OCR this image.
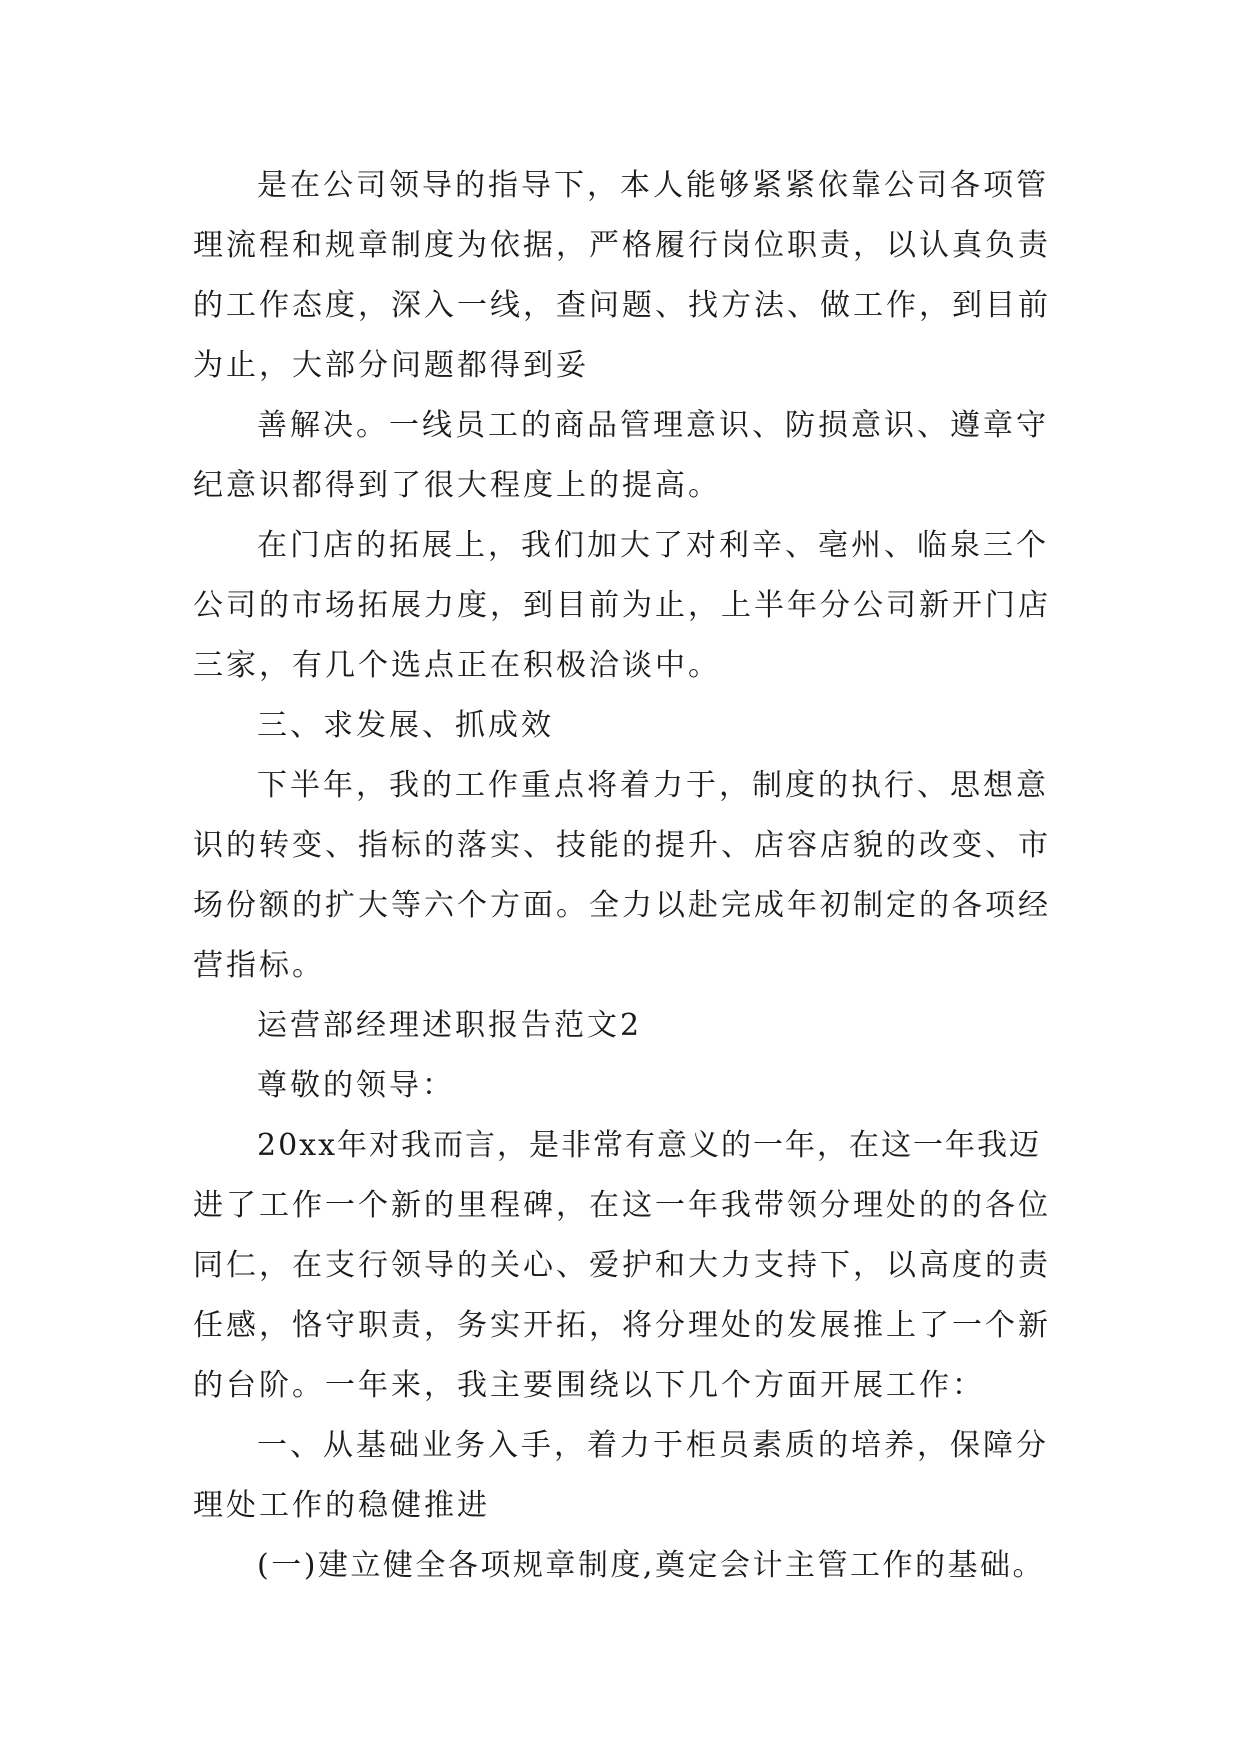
是在公司领导的指导下，本人能够紧紧依靠公司各项管
理流程和规章制度为依据，严格履行岗位职责，以认真负责
的工作态度，深入一线，查问题、找方法、做工作，到目前
为止，大部分问题都得到妥
善解决。一线员工的商品管理意识、防损意识、遵章守
纪意识都得到了很大程度上的提高。
在门店的拓展上，我们加大了对利辛、亳州、临泉三个
公司的市场拓展力度，到目前为止，上半年分公司新开门店
三家，有几个选点正在积极洽谈中。
三、求发展、抓成效
下半年，我的工作重点将着力于，制度的执行、思想意
识的转变、指标的落实、技能的提升、店容店貌的改变、市
场份额的扩大等六个方面。全力以赴完成年初制定的各项经
营指标。
运营部经理述职报告范文2
尊敬的领导：
20xx年对我而言，是非常有意义的一年，在这一年我迈
进了工作一个新的里程碑，在这一年我带领分理处的的各位
同仁，在支行领导的关心、爱护和大力支持下，以高度的责
任感，恪守职责，务实开拓，将分理处的发展推上了一个新
的台阶。一年来，我主要围绕以下几个方面开展工作：
一、从基础业务入手，着力于柜员素质的培养，保障分
理处工作的稳健推进
(一)建立健全各项规章制度,奠定会计主管工作的基础。
